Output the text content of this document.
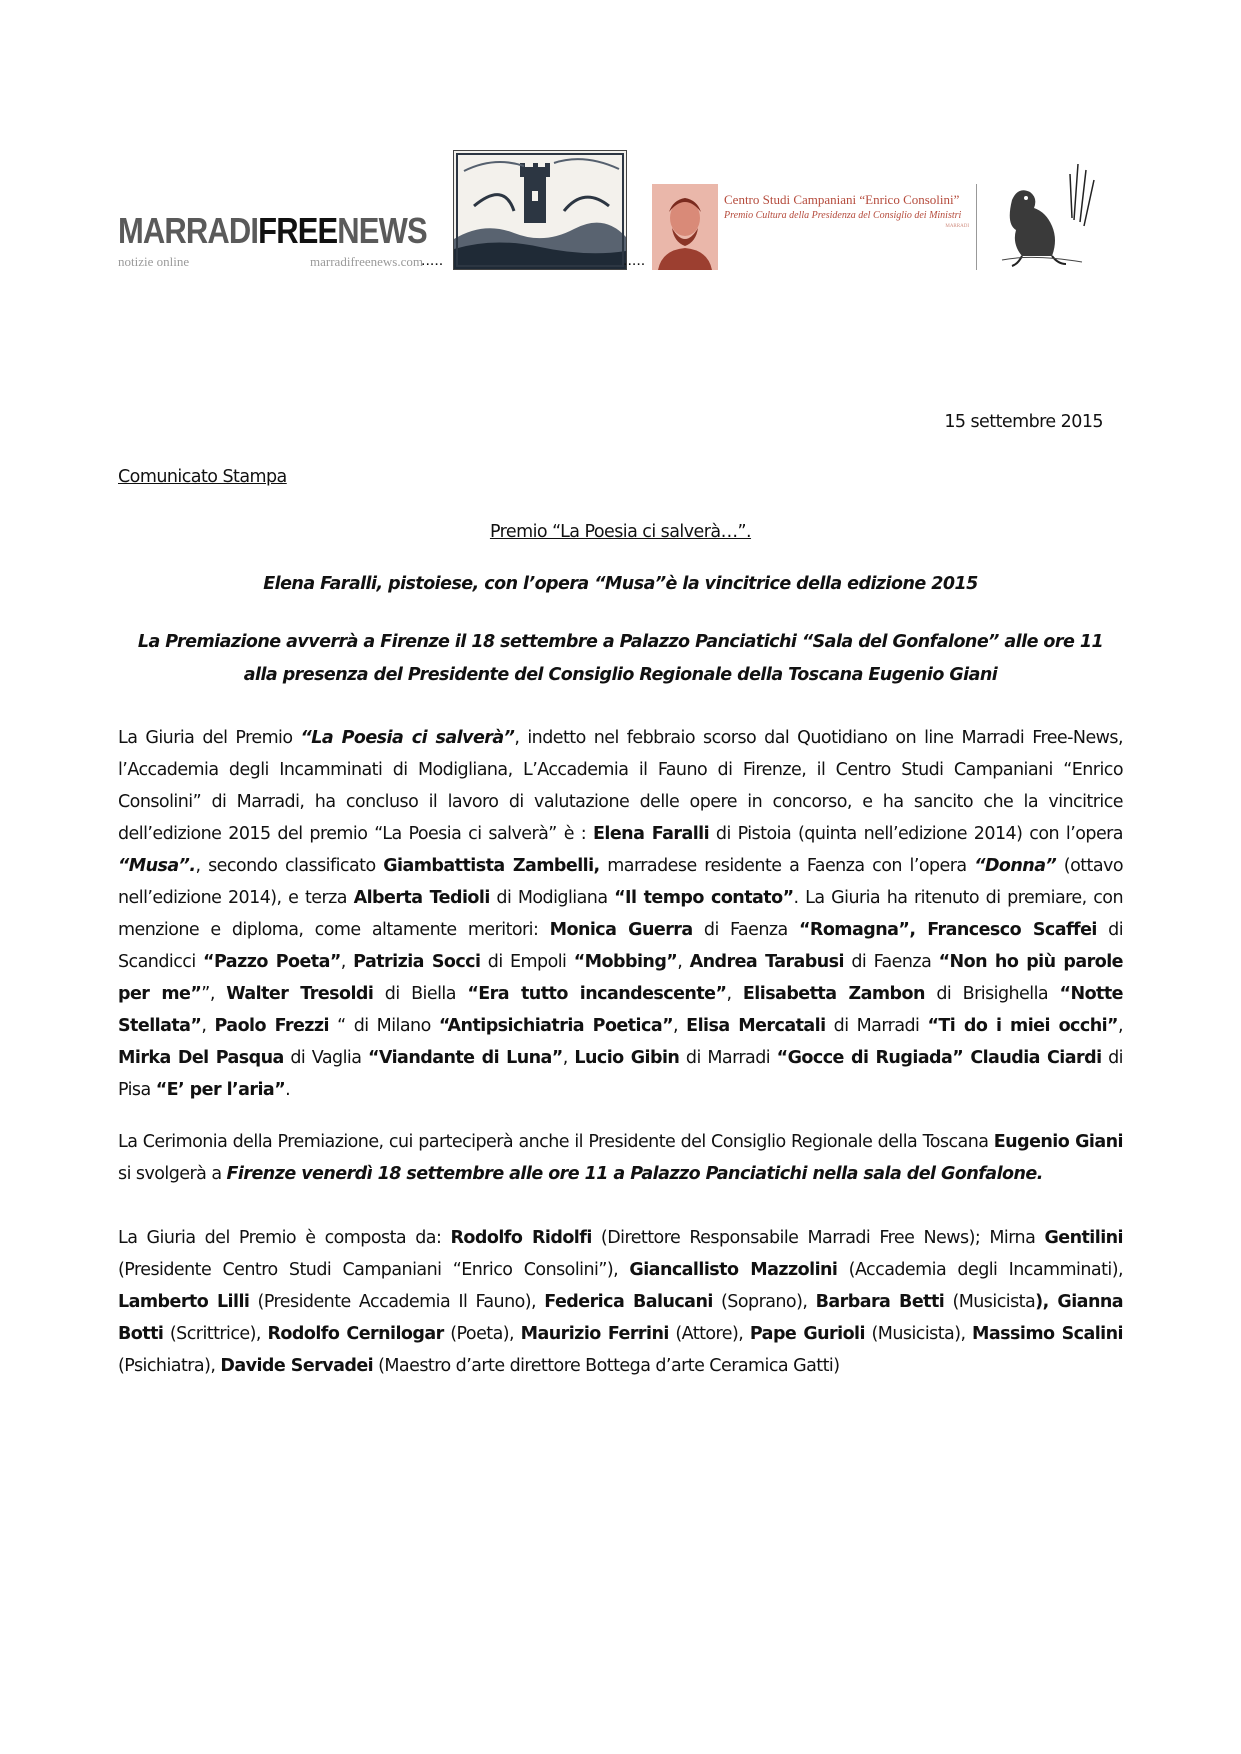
MARRADIFREENEWS
notizie online	marradifreenews.com
.....	.....
Centro Studi Campaniani “Enrico Consolini”
Premio Cultura della Presidenza del Consiglio dei Ministri
MARRADI
15 settembre 2015
Comunicato Stampa
Premio “La Poesia ci salverà…”.
Elena Faralli, pistoiese, con l’opera “Musa”è la vincitrice della edizione 2015
La Premiazione avverrà a Firenze il 18 settembre a Palazzo Panciatichi “Sala del Gonfalone” alle ore 11
alla presenza del Presidente del Consiglio Regionale della Toscana Eugenio Giani

La Giuria del Premio “La Poesia ci salverà”, indetto nel febbraio scorso dal Quotidiano on line Marradi Free-News, l’Accademia degli Incamminati di Modigliana, L’Accademia il Fauno di Firenze, il Centro Studi Campaniani “Enrico Consolini” di Marradi, ha concluso il lavoro di valutazione delle opere in concorso, e ha sancito che la vincitrice dell’edizione 2015 del premio “La Poesia ci salverà” è : Elena Faralli di Pistoia (quinta nell’edizione 2014) con l’opera “Musa”., secondo classificato Giambattista Zambelli, marradese residente a Faenza con l’opera “Donna” (ottavo nell’edizione 2014), e terza Alberta Tedioli di Modigliana “Il tempo contato”. La Giuria ha ritenuto di premiare, con menzione e diploma, come altamente meritori: Monica Guerra di Faenza “Romagna”, Francesco Scaffei di Scandicci “Pazzo Poeta”, Patrizia Socci di Empoli “Mobbing”, Andrea Tarabusi di Faenza “Non ho più parole per me””, Walter Tresoldi di Biella “Era tutto incandescente”, Elisabetta Zambon di Brisighella “Notte Stellata”, Paolo Frezzi “ di Milano “Antipsichiatria Poetica”, Elisa Mercatali di Marradi “Ti do i miei occhi”, Mirka Del Pasqua di Vaglia “Viandante di Luna”, Lucio Gibin di Marradi “Gocce di Rugiada” Claudia Ciardi di Pisa “E’ per l’aria”.

La Cerimonia della Premiazione, cui parteciperà anche il Presidente del Consiglio Regionale della Toscana Eugenio Giani si svolgerà a Firenze venerdì 18 settembre alle ore 11 a Palazzo Panciatichi nella sala del Gonfalone.

La Giuria del Premio è composta da: Rodolfo Ridolfi (Direttore Responsabile Marradi Free News); Mirna Gentilini (Presidente Centro Studi Campaniani “Enrico Consolini”), Giancallisto Mazzolini (Accademia degli Incamminati), Lamberto Lilli (Presidente Accademia Il Fauno), Federica Balucani (Soprano), Barbara Betti (Musicista), Gianna Botti (Scrittrice), Rodolfo Cernilogar (Poeta), Maurizio Ferrini (Attore), Pape Gurioli (Musicista), Massimo Scalini (Psichiatra), Davide Servadei (Maestro d’arte direttore Bottega d’arte Ceramica Gatti)
